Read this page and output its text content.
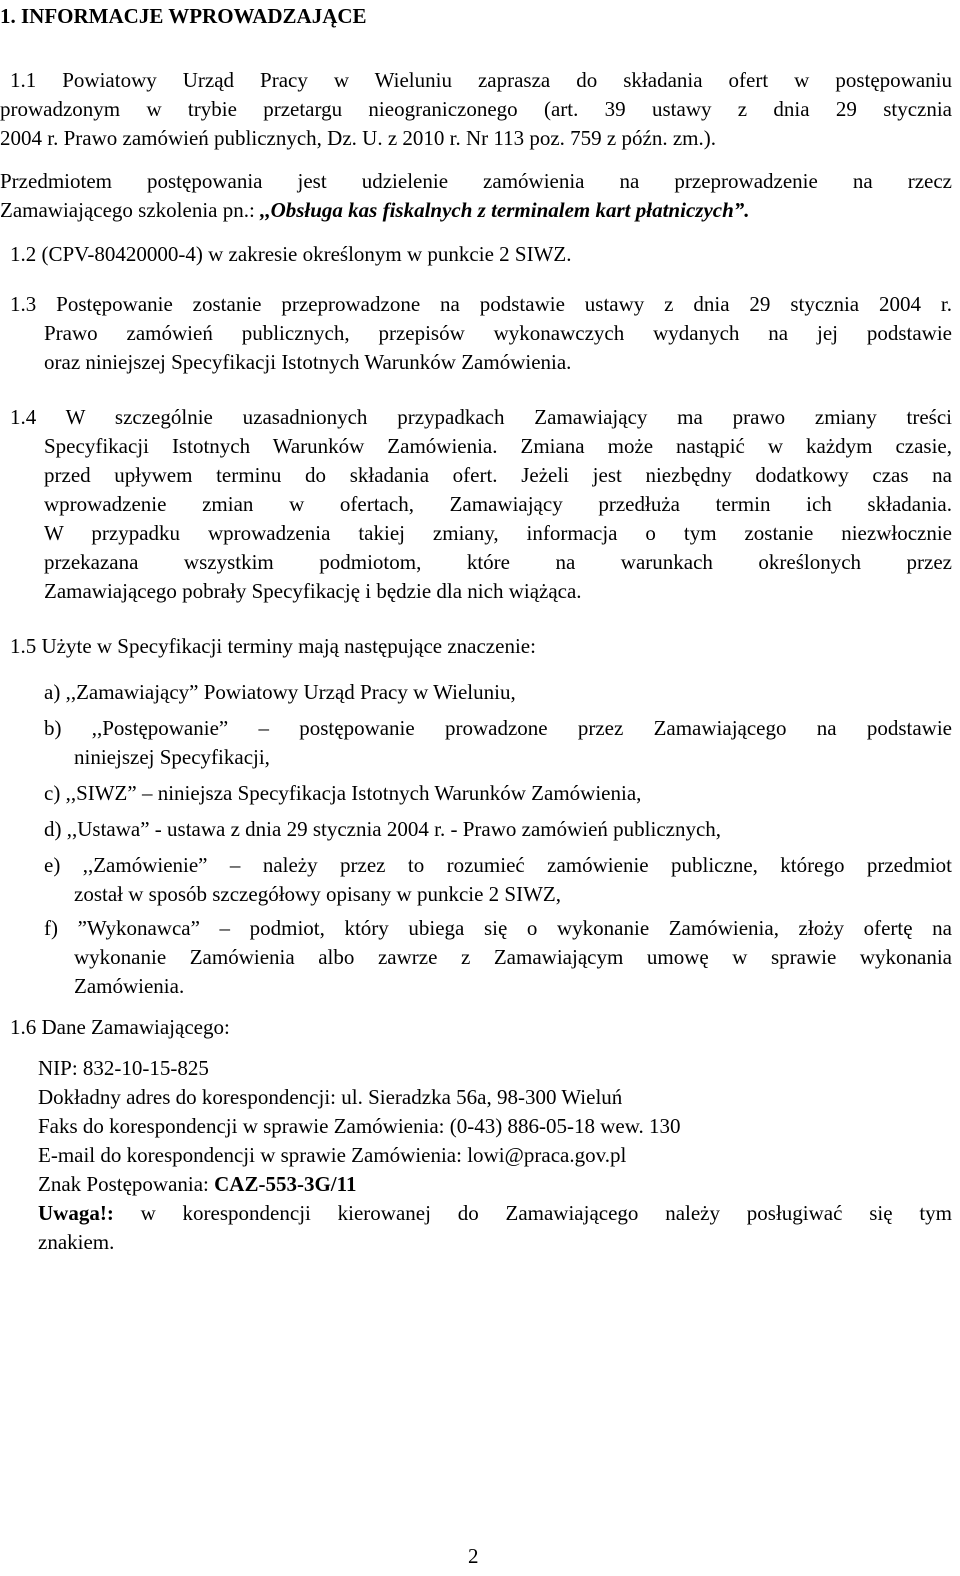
1. INFORMACJE WPROWADZAJĄCE
1.1 Powiatowy Urząd Pracy w Wieluniu zaprasza do składania ofert w postępowaniu
prowadzonym w trybie przetargu nieograniczonego (art. 39 ustawy z dnia 29 stycznia
2004 r. Prawo zamówień publicznych, Dz. U. z 2010 r. Nr 113 poz. 759 z późn. zm.).
Przedmiotem postępowania jest udzielenie zamówienia na przeprowadzenie na rzecz
Zamawiającego szkolenia pn.: ,,Obsługa kas fiskalnych z terminalem kart płatniczych”.
1.2 (CPV-80420000-4) w zakresie określonym w punkcie 2 SIWZ.
1.3 Postępowanie zostanie przeprowadzone na podstawie ustawy z dnia 29 stycznia 2004 r.
Prawo zamówień publicznych, przepisów wykonawczych wydanych na jej podstawie
oraz niniejszej Specyfikacji Istotnych Warunków Zamówienia.
1.4 W szczególnie uzasadnionych przypadkach Zamawiający ma prawo zmiany treści
Specyfikacji Istotnych Warunków Zamówienia. Zmiana może nastąpić w każdym czasie,
przed upływem terminu do składania ofert. Jeżeli jest niezbędny dodatkowy czas na
wprowadzenie zmian w ofertach, Zamawiający przedłuża termin ich składania.
W przypadku wprowadzenia takiej zmiany, informacja o tym zostanie niezwłocznie
przekazana wszystkim podmiotom, które na warunkach określonych przez
Zamawiającego pobrały Specyfikację i będzie dla nich wiążąca.
1.5 Użyte w Specyfikacji terminy mają następujące znaczenie:
a) ,,Zamawiający” Powiatowy Urząd Pracy w Wieluniu,
b) ,,Postępowanie” – postępowanie prowadzone przez Zamawiającego na podstawie
niniejszej Specyfikacji,
c) ,,SIWZ” – niniejsza Specyfikacja Istotnych Warunków Zamówienia,
d) ,,Ustawa” - ustawa z dnia 29 stycznia 2004 r. - Prawo zamówień publicznych,
e) ,,Zamówienie” – należy przez to rozumieć zamówienie publiczne, którego przedmiot
został w sposób szczegółowy opisany w punkcie 2 SIWZ,
f) ”Wykonawca” – podmiot, który ubiega się o wykonanie Zamówienia, złoży ofertę na
wykonanie Zamówienia albo zawrze z Zamawiającym umowę w sprawie wykonania
Zamówienia.
1.6 Dane Zamawiającego:
NIP: 832-10-15-825
Dokładny adres do korespondencji: ul. Sieradzka 56a, 98-300 Wieluń
Faks do korespondencji w sprawie Zamówienia: (0-43) 886-05-18 wew. 130
E-mail do korespondencji w sprawie Zamówienia: lowi@praca.gov.pl
Znak Postępowania: CAZ-553-3G/11
Uwaga!: w korespondencji kierowanej do Zamawiającego należy posługiwać się tym
znakiem.
2
